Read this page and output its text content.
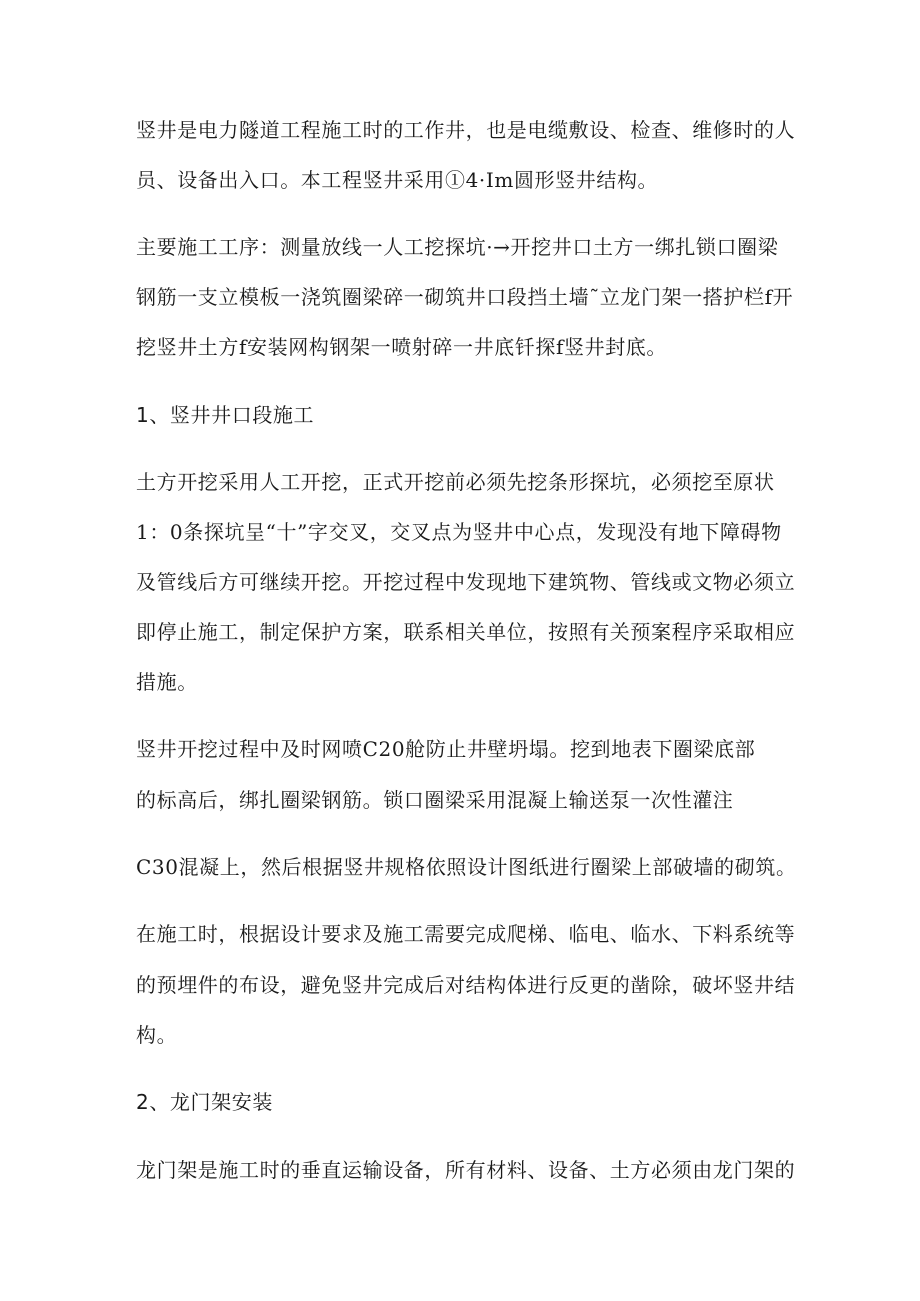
竖井是电力隧道工程施工时的工作井，也是电缆敷设、检查、维修时的人
员、设备出入口。本工程竖井采用①4·Im圆形竖井结构。
主要施工工序：测量放线一人工挖探坑·→开挖井口土方一绑扎锁口圈梁
钢筋一支立模板一浇筑圈梁碎一砌筑井口段挡土墙˜立龙门架一搭护栏f开
挖竖井土方f安装网构钢架一喷射碎一井底钎探f竖井封底。
1、竖井井口段施工
土方开挖采用人工开挖，正式开挖前必须先挖条形探坑，必须挖至原状
1：0条探坑呈“十”字交叉，交叉点为竖井中心点，发现没有地下障碍物
及管线后方可继续开挖。开挖过程中发现地下建筑物、管线或文物必须立
即停止施工，制定保护方案，联系相关单位，按照有关预案程序采取相应
措施。
竖井开挖过程中及时网喷C20舱防止井壁坍塌。挖到地表下圈梁底部
的标高后，绑扎圈梁钢筋。锁口圈梁采用混凝上输送泵一次性灌注
C30混凝上，然后根据竖井规格依照设计图纸进行圈梁上部破墙的砌筑。
在施工时，根据设计要求及施工需要完成爬梯、临电、临水、下料系统等
的预埋件的布设，避免竖井完成后对结构体进行反更的凿除，破坏竖井结
构。
2、龙门架安装
龙门架是施工时的垂直运输设备，所有材料、设备、土方必须由龙门架的
